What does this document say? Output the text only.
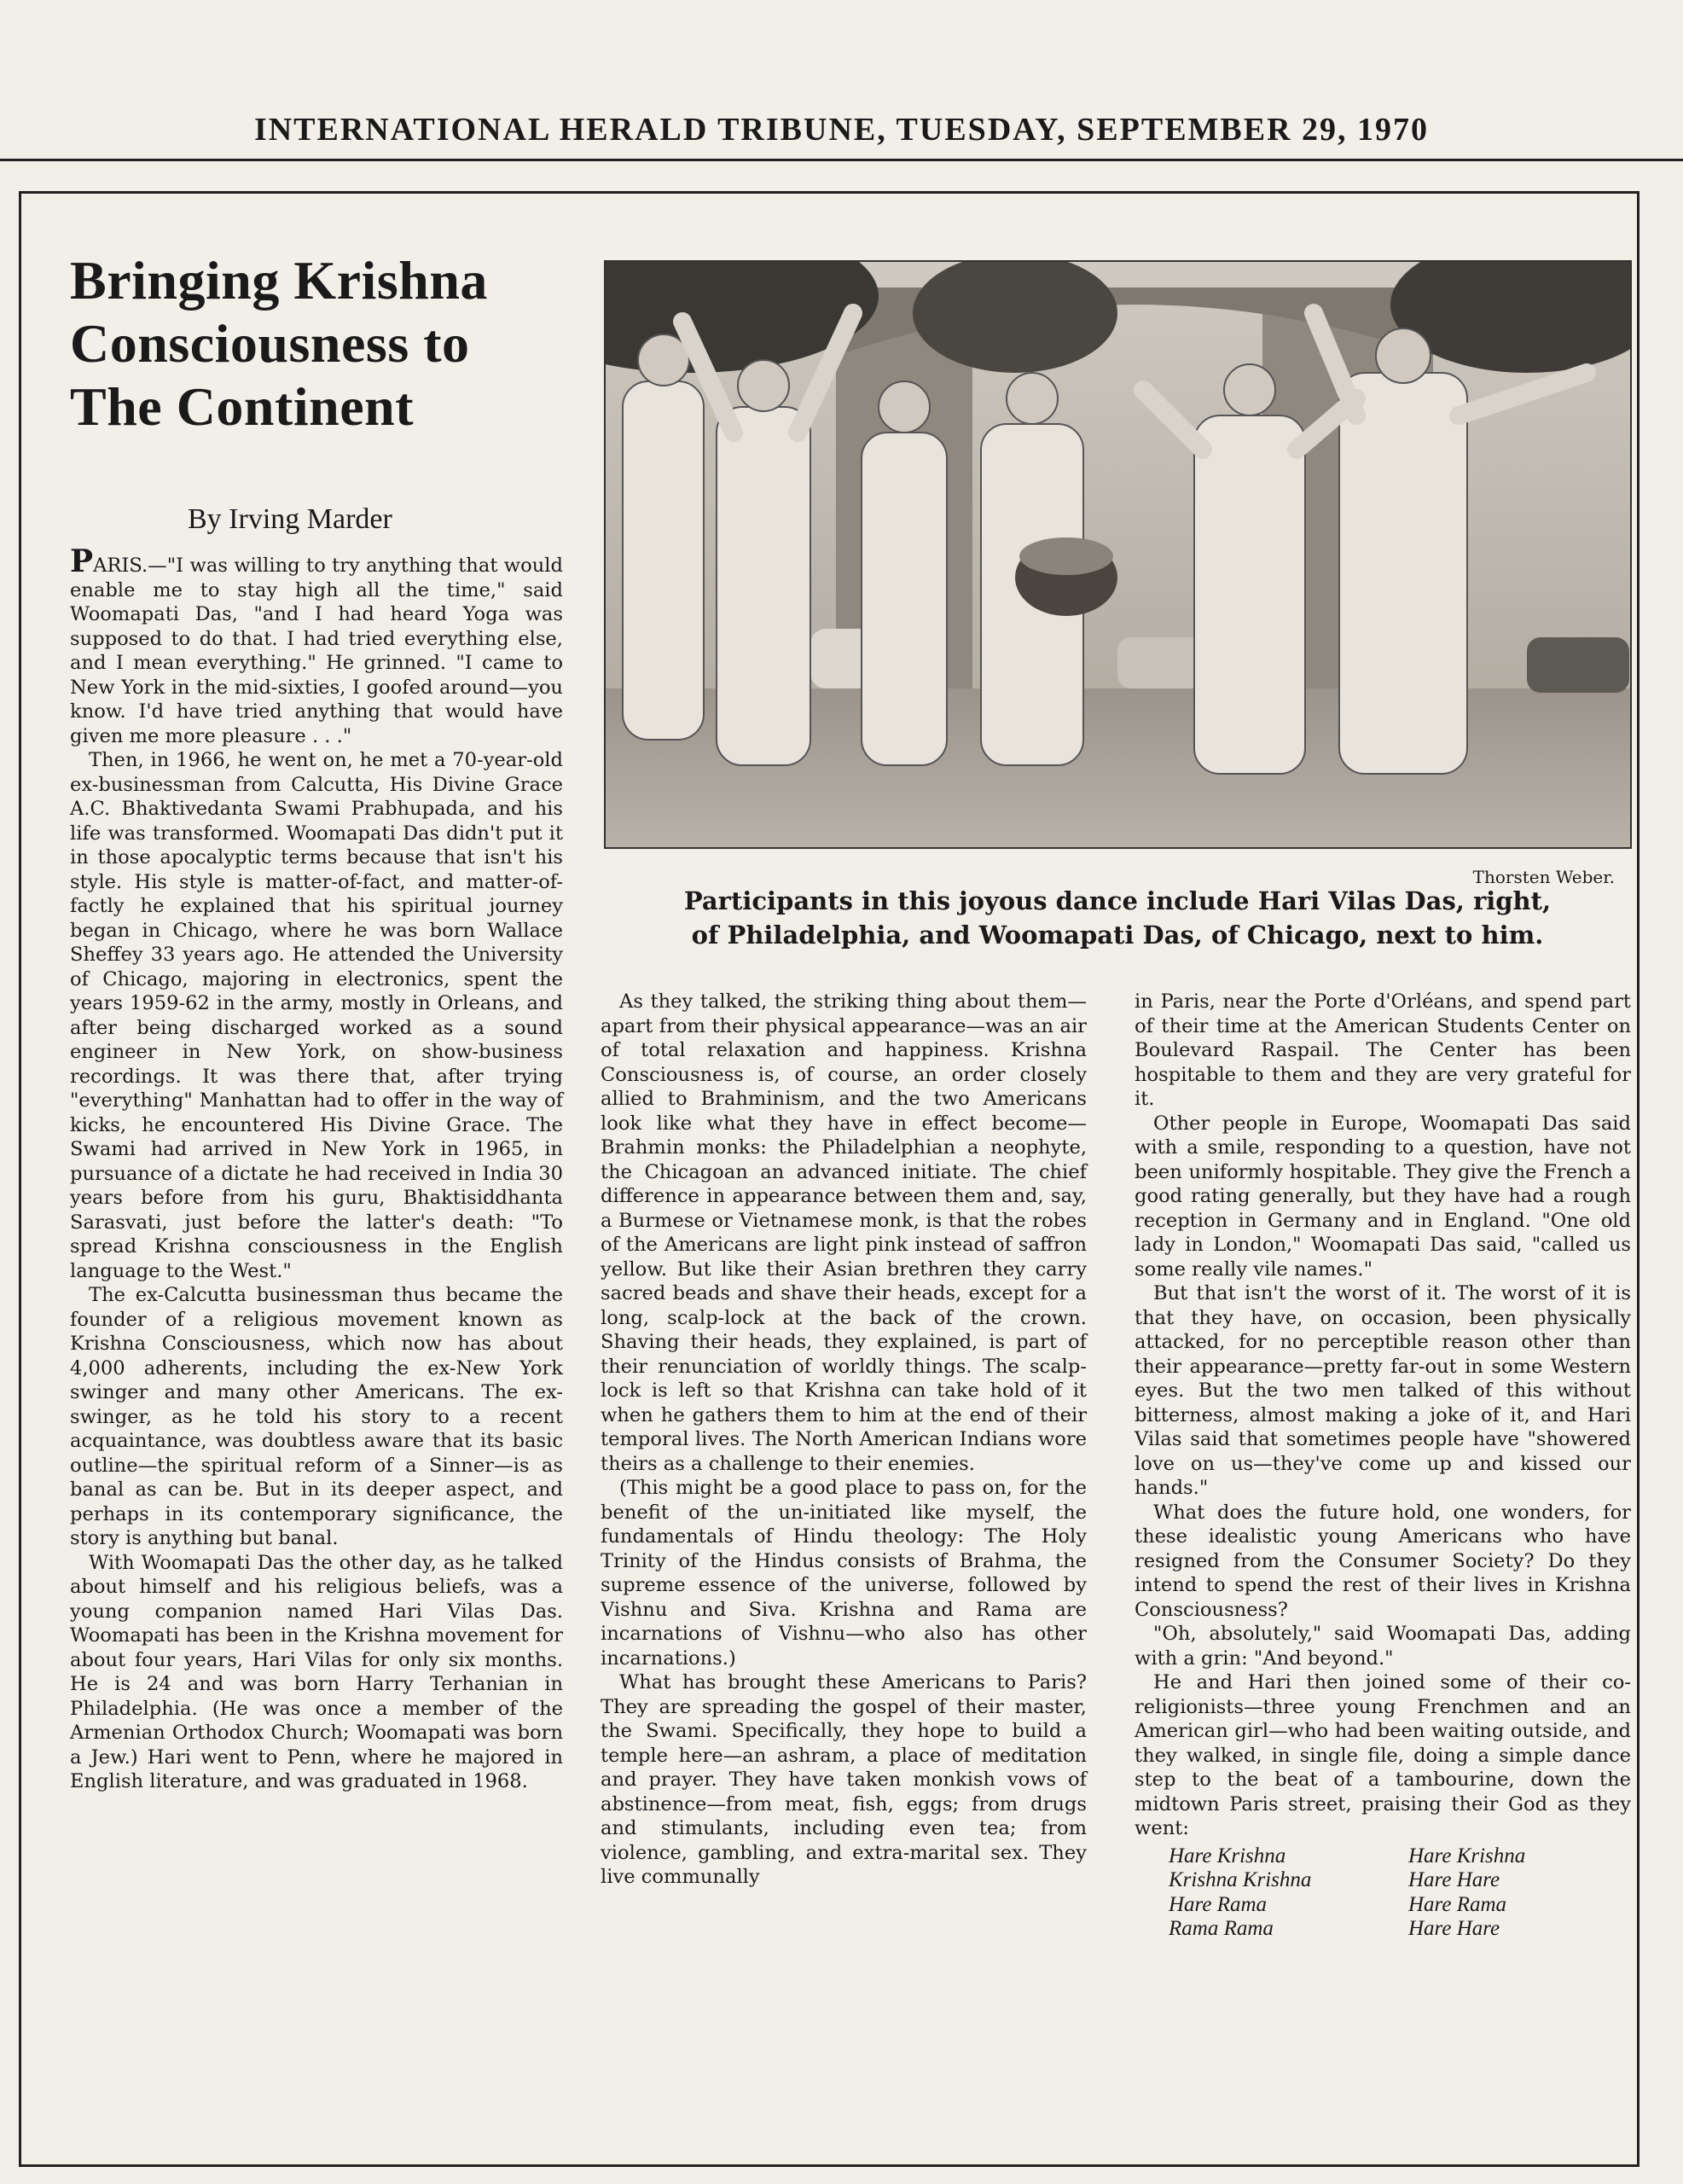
INTERNATIONAL HERALD TRIBUNE, TUESDAY, SEPTEMBER 29, 1970
Bringing Krishna
Consciousness to
The Continent
By Irving Marder
Thorsten Weber.
Participants in this joyous dance include Hari Vilas Das, right,
of Philadelphia, and Woomapati Das, of Chicago, next to him.

PARIS.—"I was willing to try anything that would enable me to stay high all the time," said Woomapati Das, "and I had heard Yoga was supposed to do that. I had tried everything else, and I mean everything." He grinned. "I came to New York in the mid-sixties, I goofed around—you know. I'd have tried anything that would have given me more pleasure . . ."

Then, in 1966, he went on, he met a 70-year-old ex-businessman from Calcutta, His Divine Grace A.C. Bhaktivedanta Swami Prabhupada, and his life was transformed. Woomapati Das didn't put it in those apocalyptic terms because that isn't his style. His style is matter-of-fact, and matter-of-factly he explained that his spiritual journey began in Chicago, where he was born Wallace Sheffey 33 years ago. He attended the University of Chicago, majoring in electronics, spent the years 1959-62 in the army, mostly in Orleans, and after being discharged worked as a sound engineer in New York, on show-business recordings. It was there that, after trying "everything" Manhattan had to offer in the way of kicks, he encountered His Divine Grace. The Swami had arrived in New York in 1965, in pursuance of a dictate he had received in India 30 years before from his guru, Bhaktisiddhanta Sarasvati, just before the latter's death: "To spread Krishna consciousness in the English language to the West."

The ex-Calcutta businessman thus became the founder of a religious movement known as Krishna Consciousness, which now has about 4,000 adherents, including the ex-New York swinger and many other Americans. The ex-swinger, as he told his story to a recent acquaintance, was doubtless aware that its basic outline—the spiritual reform of a Sinner—is as banal as can be. But in its deeper aspect, and perhaps in its contemporary significance, the story is anything but banal.

With Woomapati Das the other day, as he talked about himself and his religious beliefs, was a young companion named Hari Vilas Das. Woomapati has been in the Krishna movement for about four years, Hari Vilas for only six months. He is 24 and was born Harry Terhanian in Philadelphia. (He was once a member of the Armenian Orthodox Church; Woomapati was born a Jew.) Hari went to Penn, where he majored in English literature, and was graduated in 1968.

As they talked, the striking thing about them—apart from their physical appearance—was an air of total relaxation and happiness. Krishna Consciousness is, of course, an order closely allied to Brahminism, and the two Americans look like what they have in effect become—Brahmin monks: the Philadelphian a neophyte, the Chicagoan an advanced initiate. The chief difference in appearance between them and, say, a Burmese or Vietnamese monk, is that the robes of the Americans are light pink instead of saffron yellow. But like their Asian brethren they carry sacred beads and shave their heads, except for a long, scalp-lock at the back of the crown. Shaving their heads, they explained, is part of their renunciation of worldly things. The scalp-lock is left so that Krishna can take hold of it when he gathers them to him at the end of their temporal lives. The North American Indians wore theirs as a challenge to their enemies.

(This might be a good place to pass on, for the benefit of the un-initiated like myself, the fundamentals of Hindu theology: The Holy Trinity of the Hindus consists of Brahma, the supreme essence of the universe, followed by Vishnu and Siva. Krishna and Rama are incarnations of Vishnu—who also has other incarnations.)

What has brought these Americans to Paris? They are spreading the gospel of their master, the Swami. Specifically, they hope to build a temple here—an ashram, a place of meditation and prayer. They have taken monkish vows of abstinence—from meat, fish, eggs; from drugs and stimulants, including even tea; from violence, gambling, and extra-marital sex. They live communally

in Paris, near the Porte d'Orléans, and spend part of their time at the American Students Center on Boulevard Raspail. The Center has been hospitable to them and they are very grateful for it.

Other people in Europe, Woomapati Das said with a smile, responding to a question, have not been uniformly hospitable. They give the French a good rating generally, but they have had a rough reception in Germany and in England. "One old lady in London," Woomapati Das said, "called us some really vile names."

But that isn't the worst of it. The worst of it is that they have, on occasion, been physically attacked, for no perceptible reason other than their appearance—pretty far-out in some Western eyes. But the two men talked of this without bitterness, almost making a joke of it, and Hari Vilas said that sometimes people have "showered love on us—they've come up and kissed our hands."

What does the future hold, one wonders, for these idealistic young Americans who have resigned from the Consumer Society? Do they intend to spend the rest of their lives in Krishna Consciousness?

"Oh, absolutely," said Woomapati Das, adding with a grin: "And beyond."

He and Hari then joined some of their co-religionists—three young Frenchmen and an American girl—who had been waiting outside, and they walked, in single file, doing a simple dance step to the beat of a tambourine, down the midtown Paris street, praising their God as they went:

Hare Krishna	Hare Krishna
Krishna Krishna	Hare Hare
Hare Rama	Hare Rama
Rama Rama	Hare Hare
